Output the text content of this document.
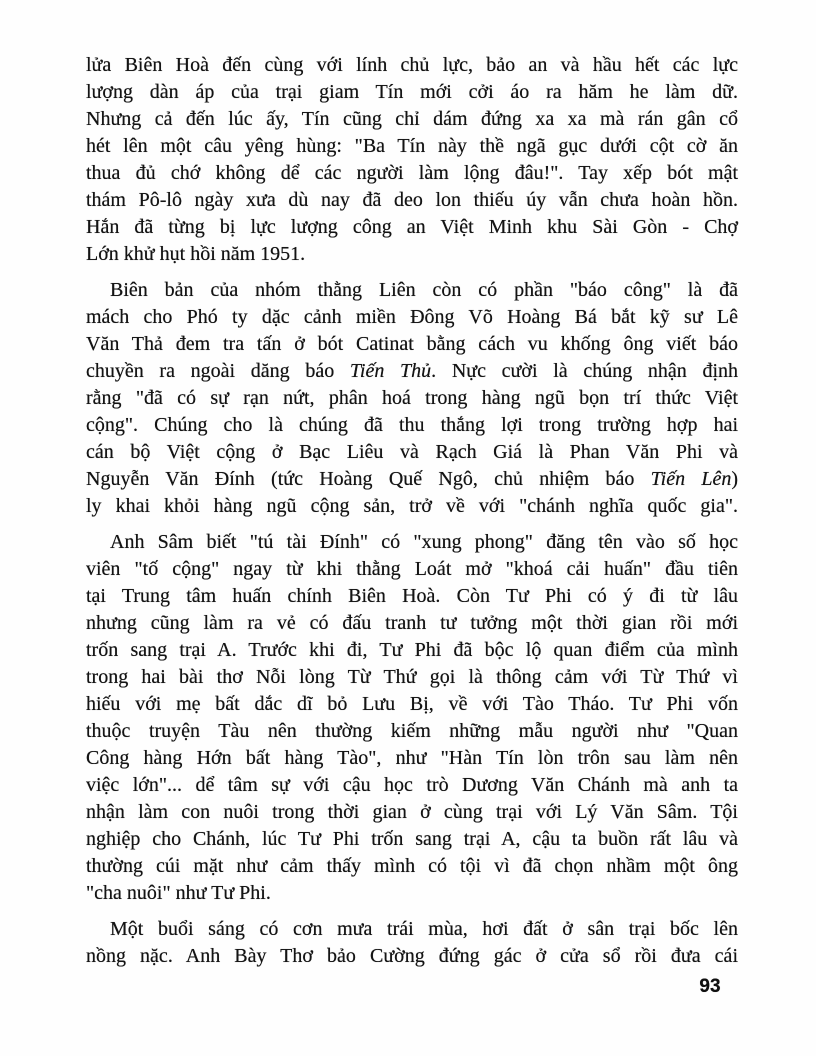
lửa Biên Hoà đến cùng với lính chủ lực, bảo an và hầu hết các lực
lượng dàn áp của trại giam Tín mới cởi áo ra hăm he làm dữ.
Nhưng cả đến lúc ấy, Tín cũng chỉ dám đứng xa xa mà rán gân cổ
hét lên một câu yêng hùng: "Ba Tín này thề ngã gục dưới cột cờ ăn
thua đủ chớ không dể các người làm lộng đâu!". Tay xếp bót mật
thám Pô-lô ngày xưa dù nay đã deo lon thiếu úy vẫn chưa hoàn hồn.
Hắn đã từng bị lực lượng công an Việt Minh khu Sài Gòn - Chợ
Lớn khử hụt hồi năm 1951.
Biên bản của nhóm thằng Liên còn có phần "báo công" là đã
mách cho Phó ty dặc cảnh miền Đông Võ Hoàng Bá bắt kỹ sư Lê
Văn Thả đem tra tấn ở bót Catinat bằng cách vu khống ông viết báo
chuyền ra ngoài dăng báo Tiến Thủ. Nực cười là chúng nhận định
rằng "đã có sự rạn nứt, phân hoá trong hàng ngũ bọn trí thức Việt
cộng". Chúng cho là chúng đã thu thắng lợi trong trường hợp hai
cán bộ Việt cộng ở Bạc Liêu và Rạch Giá là Phan Văn Phi và
Nguyễn Văn Đính (tức Hoàng Quế Ngô, chủ nhiệm báo Tiến Lên)
ly khai khỏi hàng ngũ cộng sản, trở về với "chánh nghĩa quốc gia".
Anh Sâm biết "tú tài Đính" có "xung phong" đăng tên vào số học
viên "tố cộng" ngay từ khi thằng Loát mở "khoá cải huấn" đầu tiên
tại Trung tâm huấn chính Biên Hoà. Còn Tư Phi có ý đi từ lâu
nhưng cũng làm ra vẻ có đấu tranh tư tưởng một thời gian rồi mới
trốn sang trại A. Trước khi đi, Tư Phi đã bộc lộ quan điểm của mình
trong hai bài thơ Nỗi lòng Từ Thứ gọi là thông cảm với Từ Thứ vì
hiếu với mẹ bất dắc dĩ bỏ Lưu Bị, về với Tào Tháo. Tư Phi vốn
thuộc truyện Tàu nên thường kiếm những mẫu người như "Quan
Công hàng Hớn bất hàng Tào", như "Hàn Tín lòn trôn sau làm nên
việc lớn"... dể tâm sự với cậu học trò Dương Văn Chánh mà anh ta
nhận làm con nuôi trong thời gian ở cùng trại với Lý Văn Sâm. Tội
nghiệp cho Chánh, lúc Tư Phi trốn sang trại A, cậu ta buồn rất lâu và
thường cúi mặt như cảm thấy mình có tội vì đã chọn nhầm một ông
"cha nuôi" như Tư Phi.
Một buổi sáng có cơn mưa trái mùa, hơi đất ở sân trại bốc lên
nồng nặc. Anh Bày Thơ bảo Cường đứng gác ở cửa sổ rồi đưa cái
93
